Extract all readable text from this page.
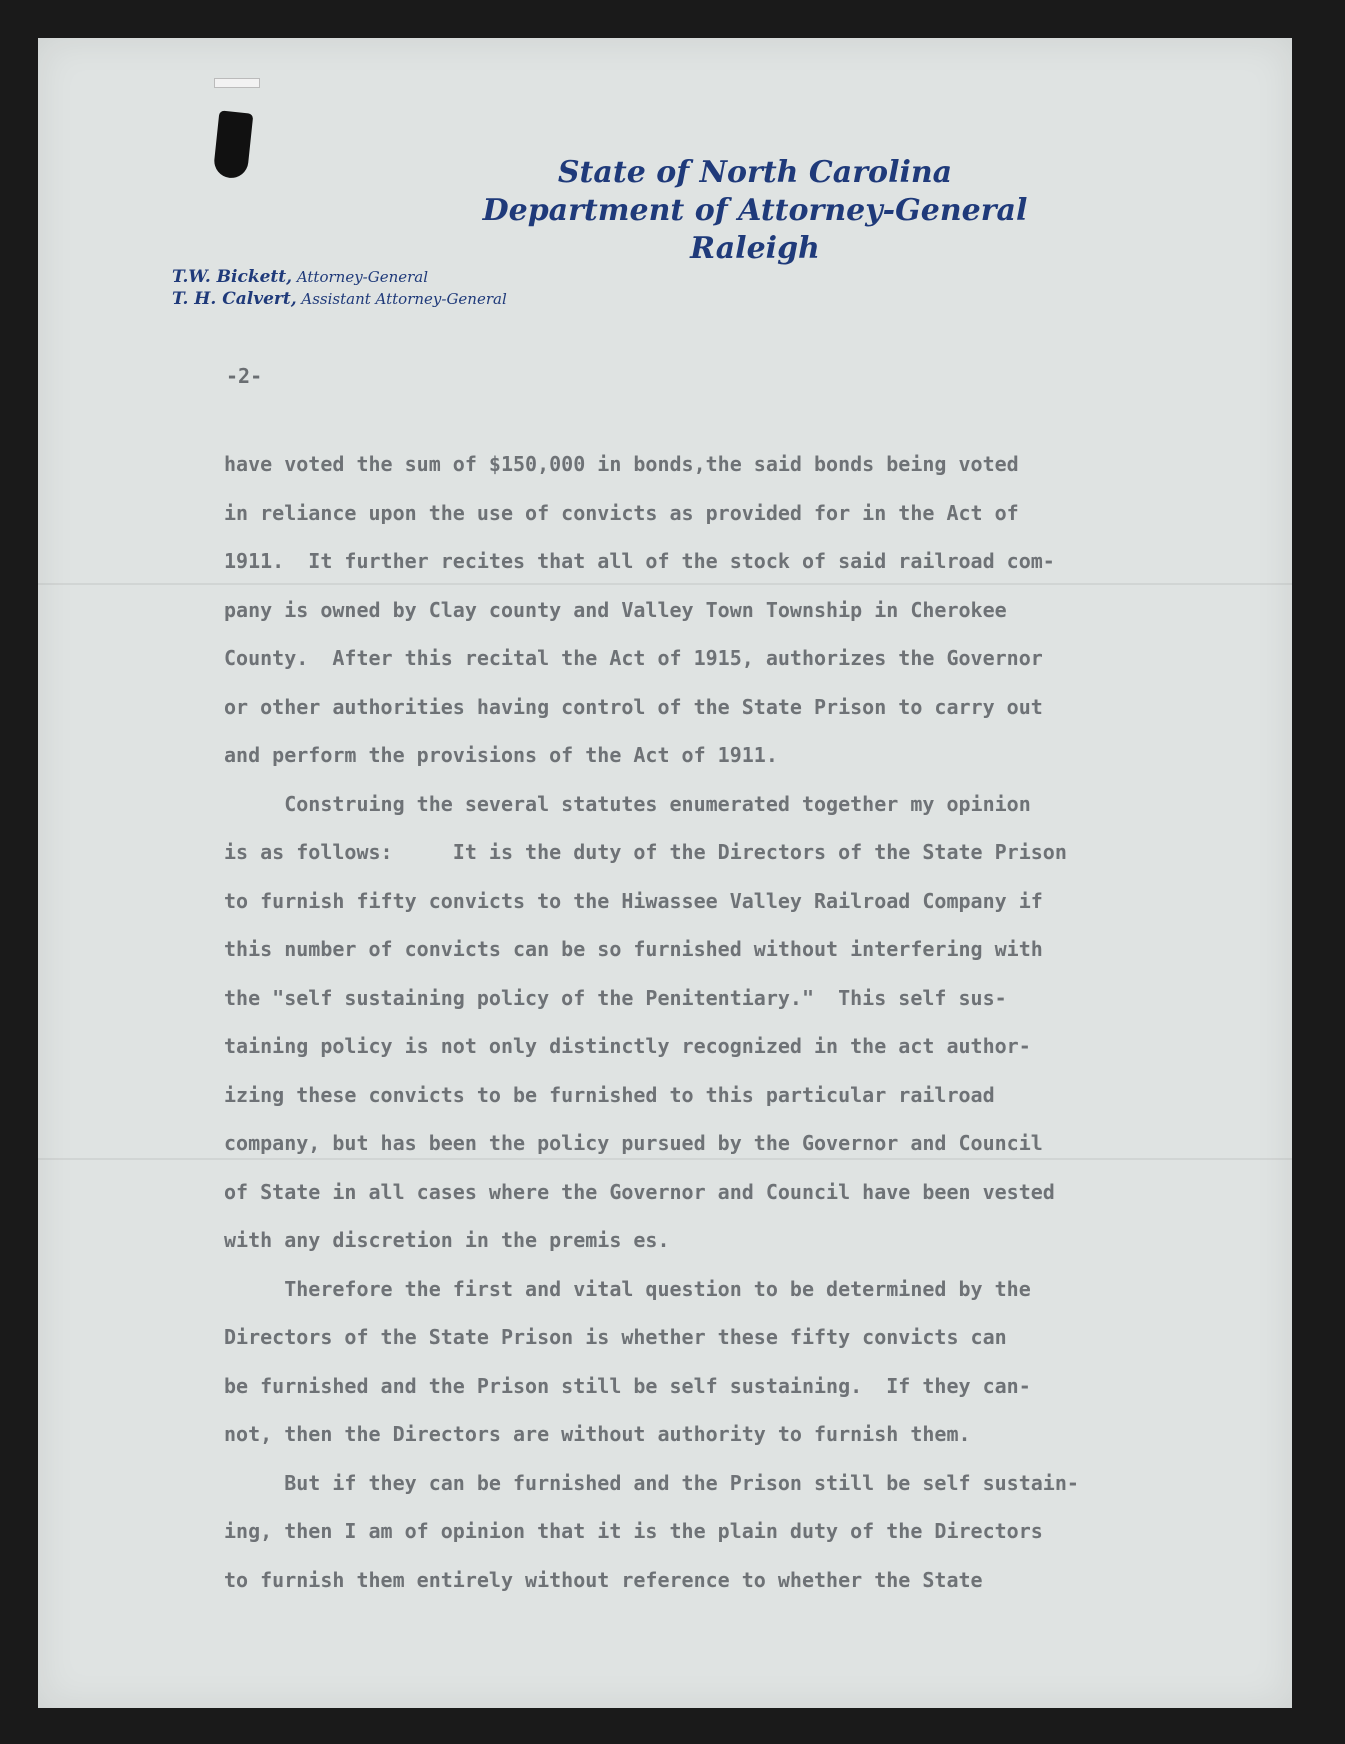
State of North Carolina
Department of Attorney-General
Raleigh
T.W. Bickett, Attorney-General
T. H. Calvert, Assistant Attorney-General
-2-
have voted the sum of $150,000 in bonds,the said bonds being voted
in reliance upon the use of convicts as provided for in the Act of
1911.  It further recites that all of the stock of said railroad com-
pany is owned by Clay county and Valley Town Township in Cherokee
County.  After this recital the Act of 1915, authorizes the Governor
or other authorities having control of the State Prison to carry out
and perform the provisions of the Act of 1911.
Construing the several statutes enumerated together my opinion
is as follows:     It is the duty of the Directors of the State Prison
to furnish fifty convicts to the Hiwassee Valley Railroad Company if
this number of convicts can be so furnished without interfering with
the "self sustaining policy of the Penitentiary."  This self sus-
taining policy is not only distinctly recognized in the act author-
izing these convicts to be furnished to this particular railroad
company, but has been the policy pursued by the Governor and Council
of State in all cases where the Governor and Council have been vested
with any discretion in the premis es.
Therefore the first and vital question to be determined by the
Directors of the State Prison is whether these fifty convicts can
be furnished and the Prison still be self sustaining.  If they can-
not, then the Directors are without authority to furnish them.
But if they can be furnished and the Prison still be self sustain-
ing, then I am of opinion that it is the plain duty of the Directors
to furnish them entirely without reference to whether the State
